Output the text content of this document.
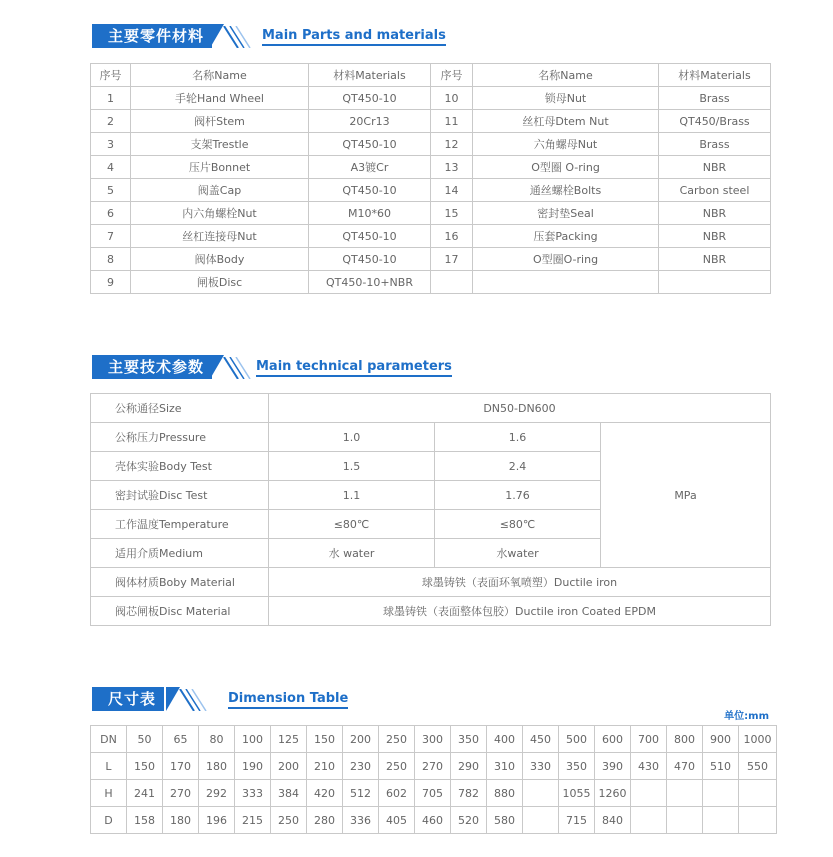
主要零件材料	Main Parts and materials
序号	名称Name	材料Materials	序号	名称Name	材料Materials
1	手轮Hand Wheel	QT450-10	10	锁母Nut	Brass
2	阀杆Stem	20Cr13	11	丝杠母Dtem Nut	QT450/Brass
3	支架Trestle	QT450-10	12	六角螺母Nut	Brass
4	压片Bonnet	A3镀Cr	13	O型圈 O-ring	NBR
5	阀盖Cap	QT450-10	14	通丝螺栓Bolts	Carbon steel
6	内六角螺栓Nut	M10*60	15	密封垫Seal	NBR
7	丝杠连接母Nut	QT450-10	16	压套Packing	NBR
8	阀体Body	QT450-10	17	O型圈O-ring	NBR
9	闸板Disc	QT450-10+NBR			
主要技术参数	Main technical parameters
公称通径Size	DN50-DN600		
公称压力Pressure	1.0	1.6	MPa
壳体实验Body Test	1.5	2.4	
密封试验Disc Test	1.1	1.76	
工作温度Temperature	≤80℃	≤80℃	
适用介质Medium	水 water	水water	
阀体材质Boby Material	球墨铸铁（表面环氧喷塑）Ductile iron		
阀芯闸板Disc Material	球墨铸铁（表面整体包胶）Ductile iron Coated EPDM		
尺寸表	Dimension Table
单位:mm
DN	50	65	80	100	125	150	200	250	300	350	400	450	500	600	700	800	900	1000
L	150	170	180	190	200	210	230	250	270	290	310	330	350	390	430	470	510	550
H	241	270	292	333	384	420	512	602	705	782	880		1055	1260				
D	158	180	196	215	250	280	336	405	460	520	580		715	840				
